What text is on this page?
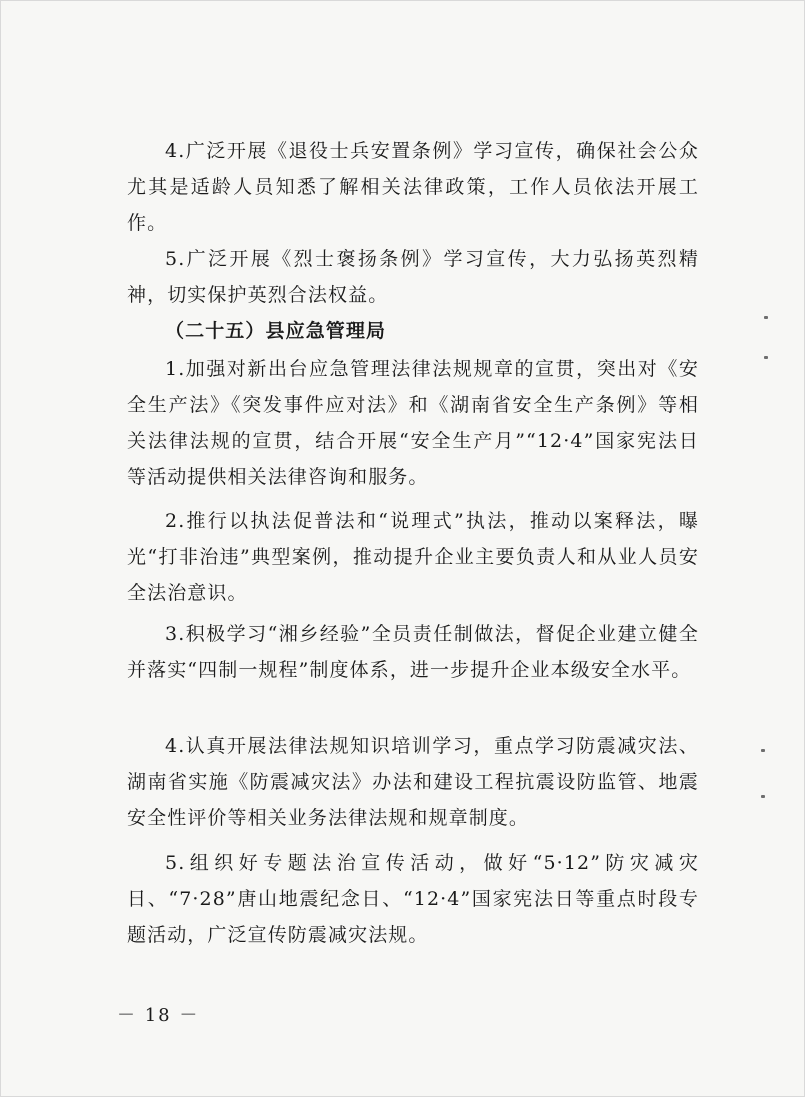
4.广泛开展《退役士兵安置条例》学习宣传，确保社会公众尤其是适龄人员知悉了解相关法律政策，工作人员依法开展工作。

5.广泛开展《烈士褒扬条例》学习宣传，大力弘扬英烈精神，切实保护英烈合法权益。

（二十五）县应急管理局

1.加强对新出台应急管理法律法规规章的宣贯，突出对《安全生产法》《突发事件应对法》和《湖南省安全生产条例》等相关法律法规的宣贯，结合开展“安全生产月”“12·4”国家宪法日等活动提供相关法律咨询和服务。

2.推行以执法促普法和“说理式”执法，推动以案释法，曝光“打非治违”典型案例，推动提升企业主要负责人和从业人员安全法治意识。

3.积极学习“湘乡经验”全员责任制做法，督促企业建立健全并落实“四制一规程”制度体系，进一步提升企业本级安全水平。

4.认真开展法律法规知识培训学习，重点学习防震减灾法、湖南省实施《防震减灾法》办法和建设工程抗震设防监管、地震安全性评价等相关业务法律法规和规章制度。

5.组织好专题法治宣传活动，做好“5·12”防灾减灾日、“7·28”唐山地震纪念日、“12·4”国家宪法日等重点时段专题活动，广泛宣传防震减灾法规。

－ 18 －
